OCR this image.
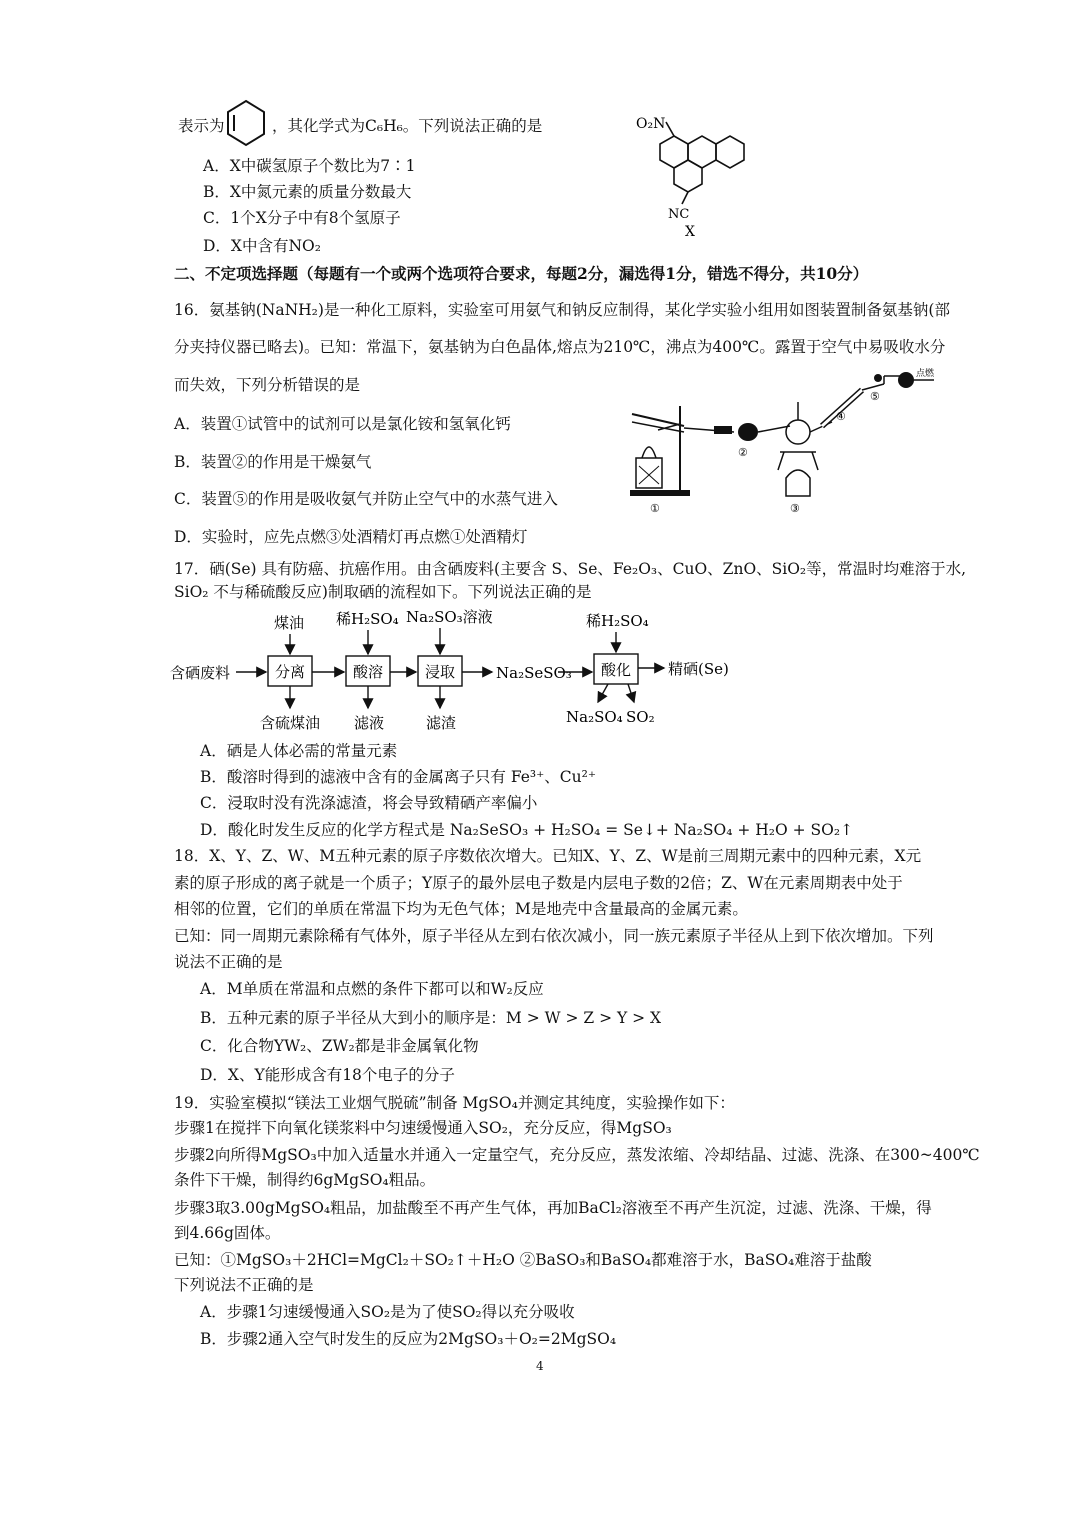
表示为	，其化学式为C₆H₆。下列说法正确的是
A．X中碳氢原子个数比为7∶1
B．X中氮元素的质量分数最大
C．1个X分子中有8个氢原子
D．X中含有NO₂
O₂N
NC
X
二、不定项选择题（每题有一个或两个选项符合要求，每题2分，漏选得1分，错选不得分，共10分）
16．氨基钠(NaNH₂)是一种化工原料，实验室可用氨气和钠反应制得，某化学实验小组用如图装置制备氨基钠(部
分夹持仪器已略去)。已知：常温下，氨基钠为白色晶体,熔点为210℃，沸点为400℃。露置于空气中易吸收水分
而失效，下列分析错误的是
A．装置①试管中的试剂可以是氯化铵和氢氧化钙
B．装置②的作用是干燥氨气
C．装置⑤的作用是吸收氨气并防止空气中的水蒸气进入
D．实验时，应先点燃③处酒精灯再点燃①处酒精灯
①
②
③
④
⑤
点燃
17．硒(Se) 具有防癌、抗癌作用。由含硒废料(主要含 S、Se、Fe₂O₃、CuO、ZnO、SiO₂等，常温时均难溶于水,
SiO₂ 不与稀硫酸反应)制取硒的流程如下。下列说法正确的是
含硒废料	分离	酸溶	浸取	Na₂SeSO₃ 酸化 精硒(Se)
煤油 稀H₂SO₄ Na₂SO₃溶液	稀H₂SO₄
含硫煤油 滤液	滤渣	Na₂SO₄ SO₂
A．硒是人体必需的常量元素
B．酸溶时得到的滤液中含有的金属离子只有 Fe³⁺、Cu²⁺
C．浸取时没有洗涤滤渣，将会导致精硒产率偏小
D．酸化时发生反应的化学方程式是 Na₂SeSO₃ + H₂SO₄ = Se↓+ Na₂SO₄ + H₂O + SO₂↑
18．X、Y、Z、W、M五种元素的原子序数依次增大。已知X、Y、Z、W是前三周期元素中的四种元素，X元
素的原子形成的离子就是一个质子；Y原子的最外层电子数是内层电子数的2倍；Z、W在元素周期表中处于
相邻的位置，它们的单质在常温下均为无色气体；M是地壳中含量最高的金属元素。
已知：同一周期元素除稀有气体外，原子半径从左到右依次减小，同一族元素原子半径从上到下依次增加。下列
说法不正确的是
A．M单质在常温和点燃的条件下都可以和W₂反应
B．五种元素的原子半径从大到小的顺序是：M > W > Z > Y > X
C．化合物YW₂、ZW₂都是非金属氧化物
D．X、Y能形成含有18个电子的分子
19．实验室模拟“镁法工业烟气脱硫”制备 MgSO₄并测定其纯度，实验操作如下：
步骤1在搅拌下向氧化镁浆料中匀速缓慢通入SO₂，充分反应，得MgSO₃
步骤2向所得MgSO₃中加入适量水并通入一定量空气，充分反应，蒸发浓缩、冷却结晶、过滤、洗涤、在300~400℃
条件下干燥，制得约6gMgSO₄粗品。
步骤3取3.00gMgSO₄粗品，加盐酸至不再产生气体，再加BaCl₂溶液至不再产生沉淀，过滤、洗涤、干燥，得
到4.66g固体。
已知：①MgSO₃＋2HCl=MgCl₂＋SO₂↑＋H₂O ②BaSO₃和BaSO₄都难溶于水，BaSO₄难溶于盐酸
下列说法不正确的是
A．步骤1匀速缓慢通入SO₂是为了使SO₂得以充分吸收
B．步骤2通入空气时发生的反应为2MgSO₃＋O₂=2MgSO₄
4
